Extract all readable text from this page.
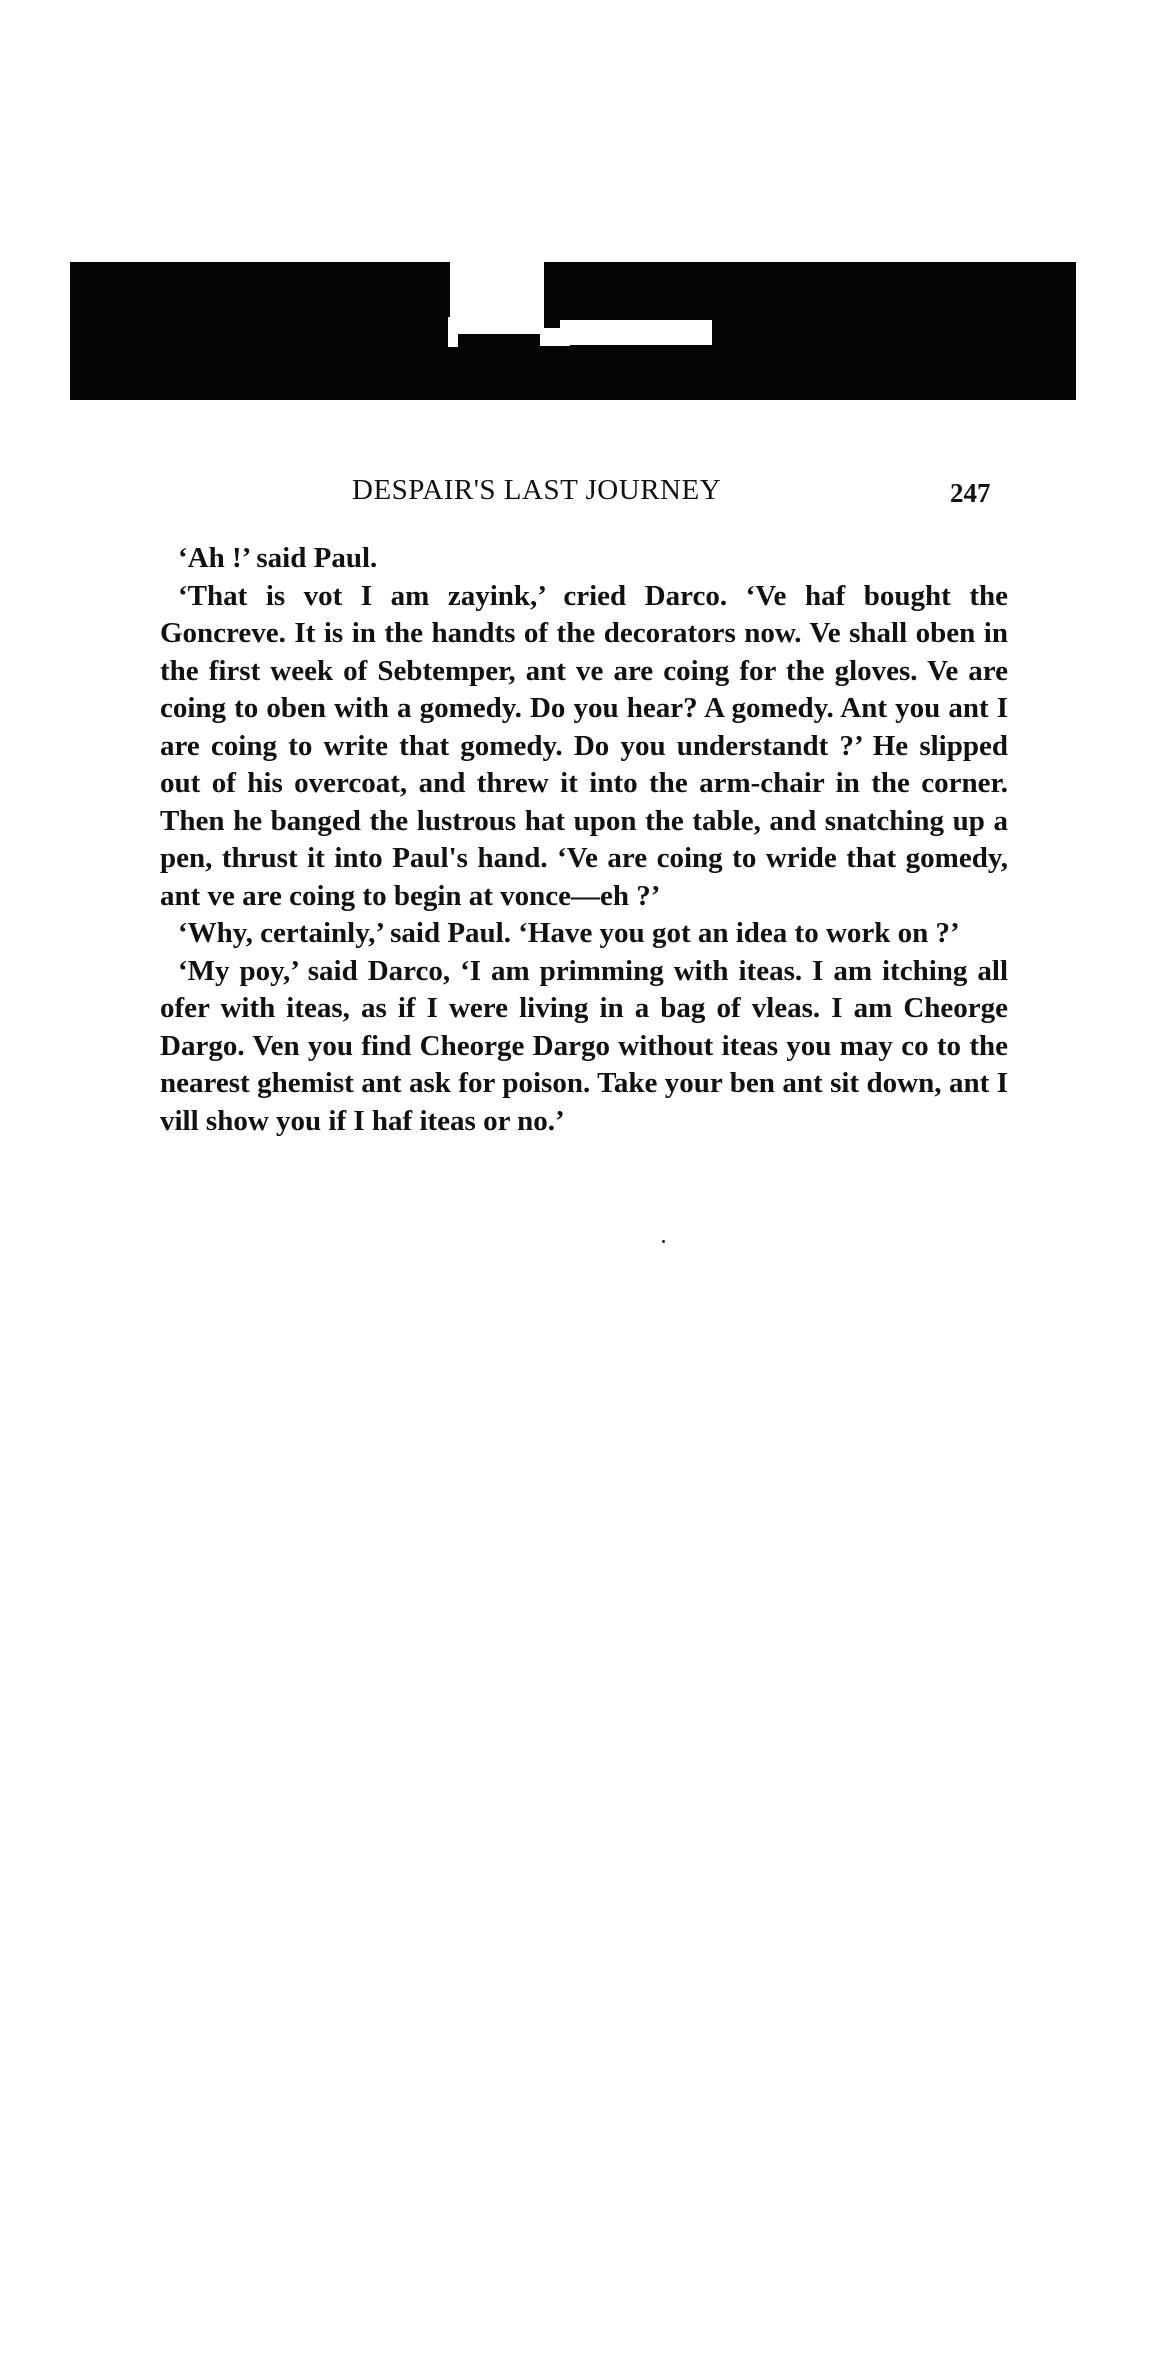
DESPAIR'S LAST JOURNEY	247

‘Ah !’ said Paul.

‘That is vot I am zayink,’ cried Darco. ‘Ve haf bought the Goncreve. It is in the handts of the decorators now. Ve shall oben in the first week of Sebtemper, ant ve are coing for the gloves. Ve are coing to oben with a gomedy. Do you hear? A gomedy. Ant you ant I are coing to write that gomedy. Do you understandt ?’ He slipped out of his overcoat, and threw it into the arm-chair in the corner. Then he banged the lustrous hat upon the table, and snatching up a pen, thrust it into Paul's hand. ‘Ve are coing to wride that gomedy, ant ve are coing to begin at vonce—eh ?’

‘Why, certainly,’ said Paul. ‘Have you got an idea to work on ?’

‘My poy,’ said Darco, ‘I am primming with iteas. I am itching all ofer with iteas, as if I were living in a bag of vleas. I am Cheorge Dargo. Ven you find Cheorge Dargo without iteas you may co to the nearest ghemist ant ask for poison. Take your ben ant sit down, ant I vill show you if I haf iteas or no.’
